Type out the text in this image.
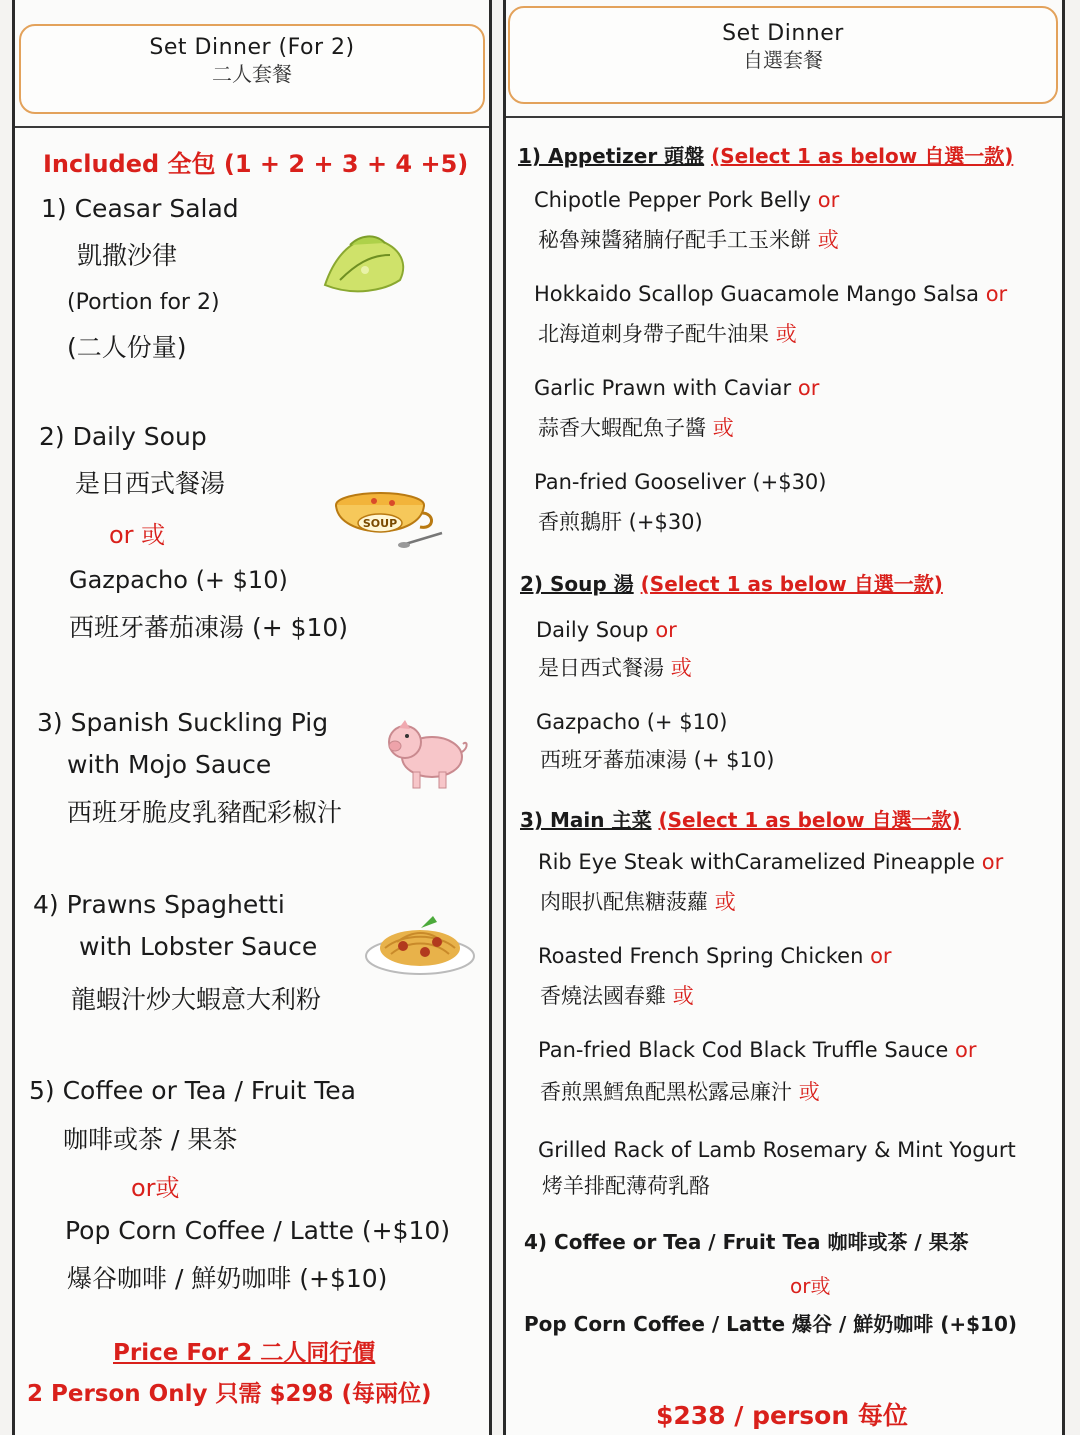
Set Dinner (For 2)
二人套餐
Included 全包 (1 + 2 + 3 + 4 +5)
1) Ceasar Salad
凱撒沙律
(Portion for 2)
(二人份量)
2) Daily Soup
是日西式餐湯
or 或
Gazpacho (+ $10)
西班牙蕃茄凍湯 (+ $10)
SOUP
3) Spanish Suckling Pig
with Mojo Sauce
西班牙脆皮乳豬配彩椒汁
4) Prawns Spaghetti
with Lobster Sauce
龍蝦汁炒大蝦意大利粉
5) Coffee or Tea / Fruit Tea
咖啡或茶 / 果茶
or或
Pop Corn Coffee / Latte (+$10)
爆谷咖啡 / 鮮奶咖啡 (+$10)
Price For 2 二人同行價
2 Person Only 只需 $298 (每兩位)
Set Dinner
自選套餐
1) Appetizer 頭盤 (Select 1 as below 自選一款)
Chipotle Pepper Pork Belly or
秘魯辣醬豬腩仔配手工玉米餅 或
Hokkaido Scallop Guacamole Mango Salsa or
北海道刺身帶子配牛油果 或
Garlic Prawn with Caviar or
蒜香大蝦配魚子醬 或
Pan-fried Gooseliver (+$30)
香煎鵝肝 (+$30)
2) Soup 湯 (Select 1 as below 自選一款)
Daily Soup or
是日西式餐湯 或
Gazpacho (+ $10)
西班牙蕃茄凍湯 (+ $10)
3) Main 主菜 (Select 1 as below 自選一款)
Rib Eye Steak withCaramelized Pineapple or
肉眼扒配焦糖菠蘿 或
Roasted French Spring Chicken or
香燒法國春雞 或
Pan-fried Black Cod Black Truffle Sauce or
香煎黑鱈魚配黑松露忌廉汁 或
Grilled Rack of Lamb Rosemary & Mint Yogurt
烤羊排配薄荷乳酪
4) Coffee or Tea / Fruit Tea 咖啡或茶 / 果茶
or或
Pop Corn Coffee / Latte 爆谷 / 鮮奶咖啡 (+$10)
$238 / person 每位
